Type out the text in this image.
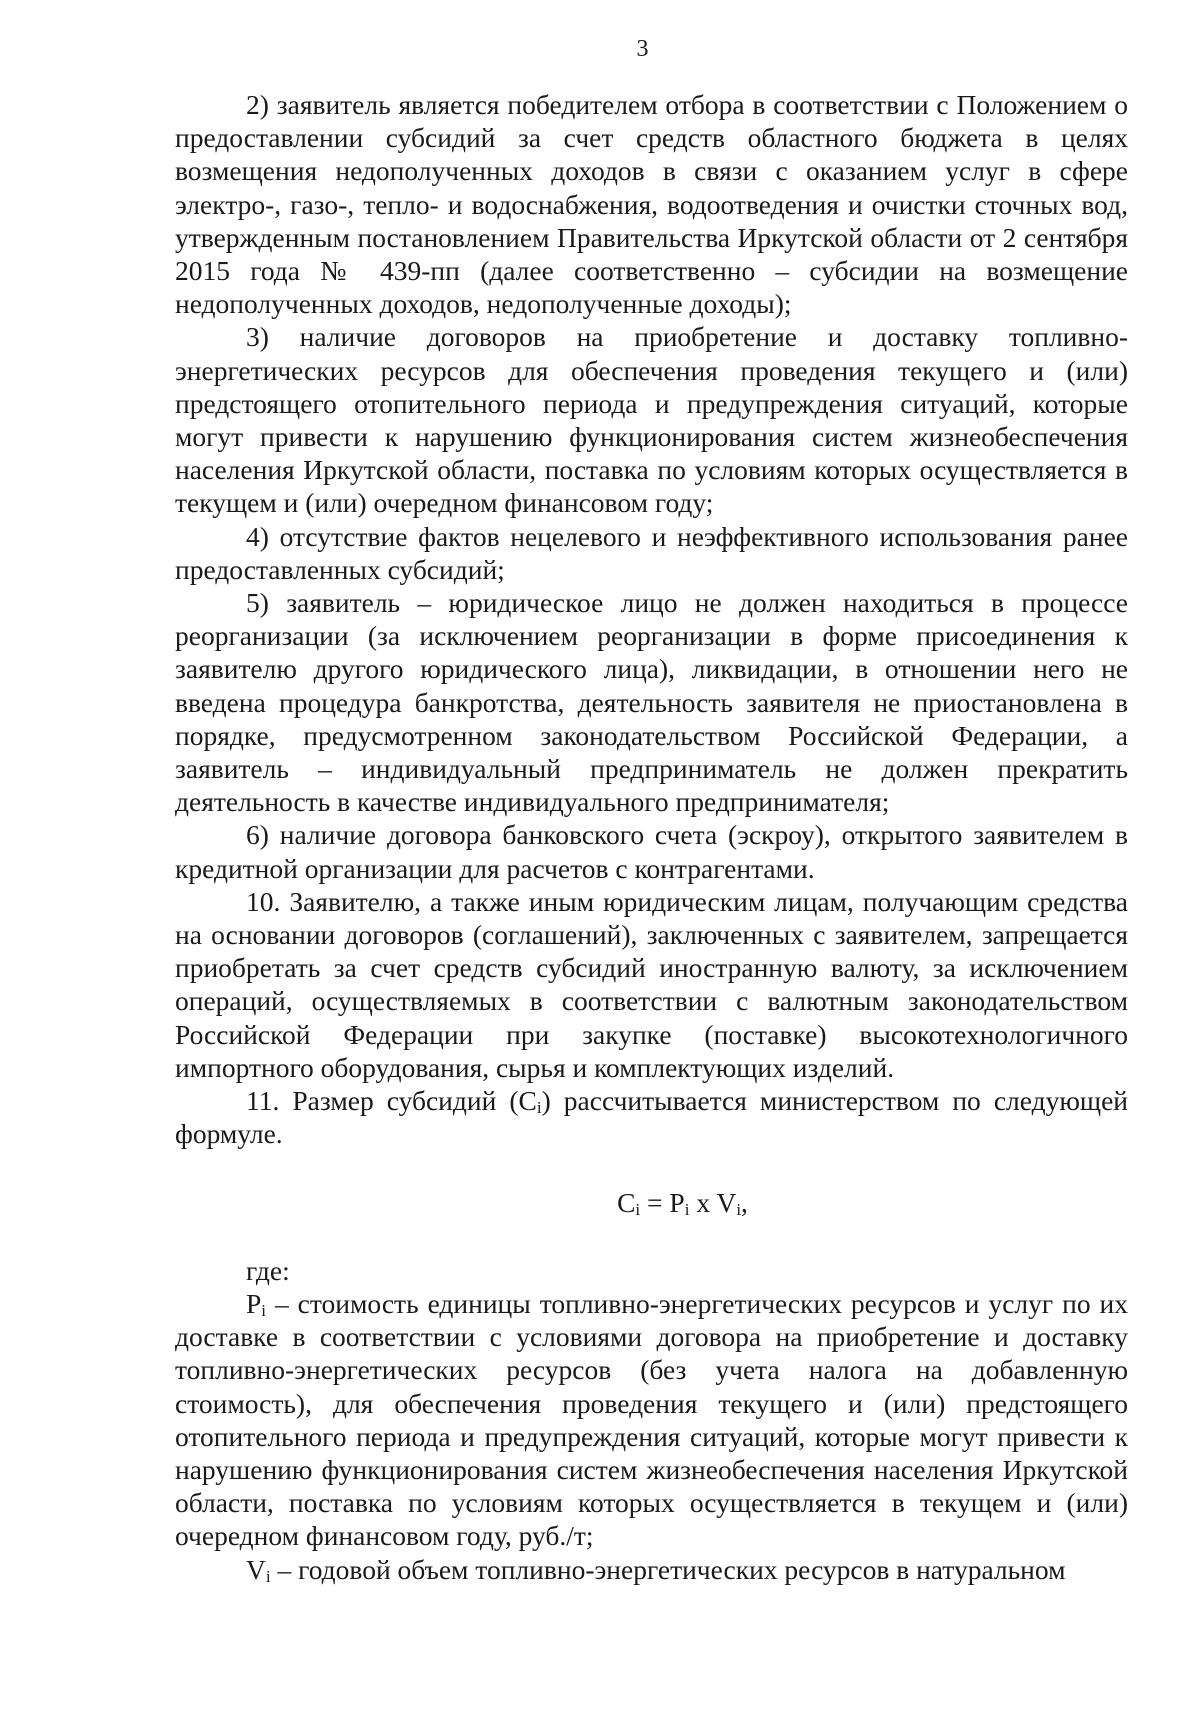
3

2) заявитель является победителем отбора в соответствии с Положением о предоставлении субсидий за счет средств областного бюджета в целях возмещения недополученных доходов в связи с оказанием услуг в сфере электро-, газо-, тепло- и водоснабжения, водоотведения и очистки сточных вод, утвержденным постановлением Правительства Иркутской области от 2 сентября 2015 года № 439-пп (далее соответственно – субсидии на возмещение недополученных доходов, недополученные доходы);

3) наличие договоров на приобретение и доставку топливно-энергетических ресурсов для обеспечения проведения текущего и (или) предстоящего отопительного периода и предупреждения ситуаций, которые могут привести к нарушению функционирования систем жизнеобеспечения населения Иркутской области, поставка по условиям которых осуществляется в текущем и (или) очередном финансовом году;

4) отсутствие фактов нецелевого и неэффективного использования ранее предоставленных субсидий;

5) заявитель – юридическое лицо не должен находиться в процессе реорганизации (за исключением реорганизации в форме присоединения к заявителю другого юридического лица), ликвидации, в отношении него не введена процедура банкротства, деятельность заявителя не приостановлена в порядке, предусмотренном законодательством Российской Федерации, а заявитель – индивидуальный предприниматель не должен прекратить деятельность в качестве индивидуального предпринимателя;

6) наличие договора банковского счета (эскроу), открытого заявителем в кредитной организации для расчетов с контрагентами.

10. Заявителю, а также иным юридическим лицам, получающим средства на основании договоров (соглашений), заключенных с заявителем, запрещается приобретать за счет средств субсидий иностранную валюту, за исключением операций, осуществляемых в соответствии с валютным законодательством Российской Федерации при закупке (поставке) высокотехнологичного импортного оборудования, сырья и комплектующих изделий.

11. Размер субсидий $(C_i)$ рассчитывается министерством по следующей формуле.

$C_i = P_i$ x $V_i$,

где:

$P_i$ – стоимость единицы топливно-энергетических ресурсов и услуг по их доставке в соответствии с условиями договора на приобретение и доставку топливно-энергетических ресурсов (без учета налога на добавленную стоимость), для обеспечения проведения текущего и (или) предстоящего отопительного периода и предупреждения ситуаций, которые могут привести к нарушению функционирования систем жизнеобеспечения населения Иркутской области, поставка по условиям которых осуществляется в текущем и (или) очередном финансовом году, руб./т;

$V_i$ – годовой объем топливно-энергетических ресурсов в натуральном
